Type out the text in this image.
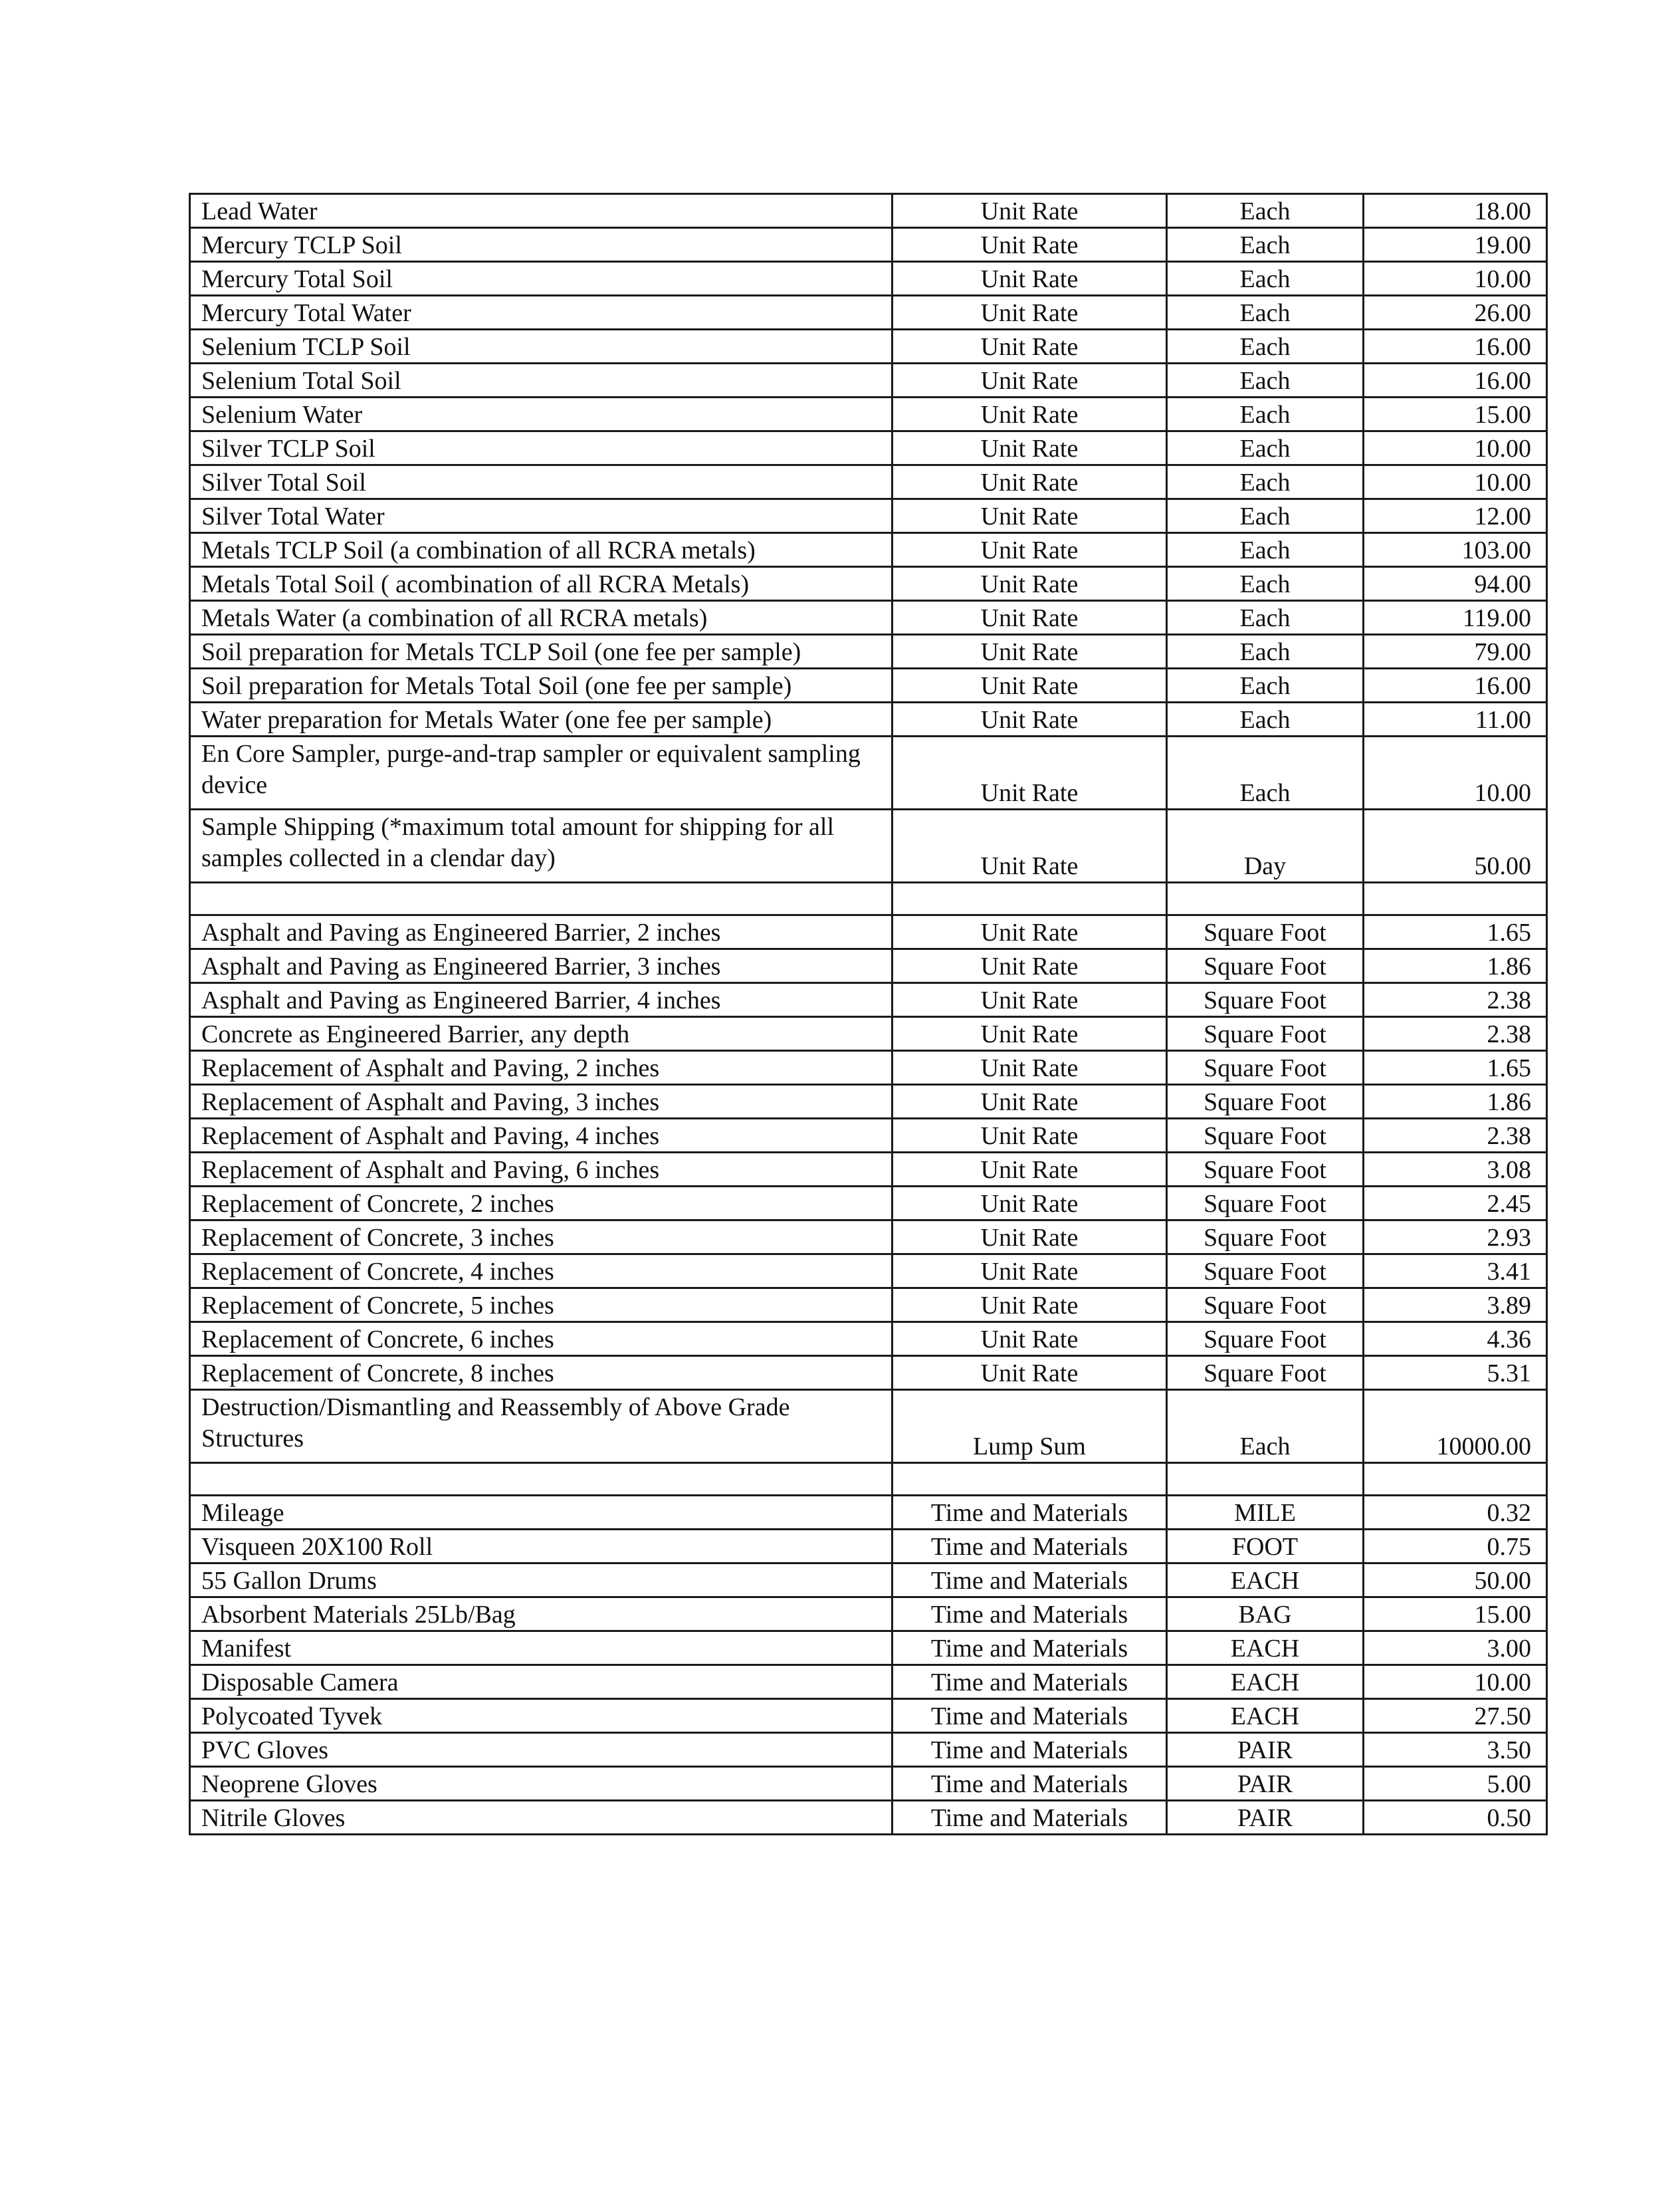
Lead Water	Unit Rate	Each	18.00
Mercury TCLP Soil	Unit Rate	Each	19.00
Mercury Total Soil	Unit Rate	Each	10.00
Mercury Total Water	Unit Rate	Each	26.00
Selenium TCLP Soil	Unit Rate	Each	16.00
Selenium Total Soil	Unit Rate	Each	16.00
Selenium Water	Unit Rate	Each	15.00
Silver TCLP Soil	Unit Rate	Each	10.00
Silver Total Soil	Unit Rate	Each	10.00
Silver Total Water	Unit Rate	Each	12.00
Metals TCLP Soil (a combination of all RCRA metals)	Unit Rate	Each	103.00
Metals Total Soil ( acombination of all RCRA Metals)	Unit Rate	Each	94.00
Metals Water (a combination of all RCRA metals)	Unit Rate	Each	119.00
Soil preparation for Metals TCLP Soil (one fee per sample)	Unit Rate	Each	79.00
Soil preparation for Metals Total Soil (one fee per sample)	Unit Rate	Each	16.00
Water preparation for Metals Water (one fee per sample)	Unit Rate	Each	11.00
En Core Sampler, purge-and-trap sampler or equivalent sampling device	Unit Rate	Each	10.00
Sample Shipping (*maximum total amount for shipping for all samples collected in a clendar day)	Unit Rate	Day	50.00

Asphalt and Paving as Engineered Barrier, 2 inches	Unit Rate	Square Foot	1.65
Asphalt and Paving as Engineered Barrier, 3 inches	Unit Rate	Square Foot	1.86
Asphalt and Paving as Engineered Barrier, 4 inches	Unit Rate	Square Foot	2.38
Concrete as Engineered Barrier, any depth	Unit Rate	Square Foot	2.38
Replacement of Asphalt and Paving, 2 inches	Unit Rate	Square Foot	1.65
Replacement of Asphalt and Paving, 3 inches	Unit Rate	Square Foot	1.86
Replacement of Asphalt and Paving, 4 inches	Unit Rate	Square Foot	2.38
Replacement of Asphalt and Paving, 6 inches	Unit Rate	Square Foot	3.08
Replacement of Concrete, 2 inches	Unit Rate	Square Foot	2.45
Replacement of Concrete, 3 inches	Unit Rate	Square Foot	2.93
Replacement of Concrete, 4 inches	Unit Rate	Square Foot	3.41
Replacement of Concrete, 5 inches	Unit Rate	Square Foot	3.89
Replacement of Concrete, 6 inches	Unit Rate	Square Foot	4.36
Replacement of Concrete, 8 inches	Unit Rate	Square Foot	5.31
Destruction/Dismantling and Reassembly of Above Grade Structures	Lump Sum	Each	10000.00

Mileage	Time and Materials	MILE	0.32
Visqueen 20X100 Roll	Time and Materials	FOOT	0.75
55 Gallon Drums	Time and Materials	EACH	50.00
Absorbent Materials 25Lb/Bag	Time and Materials	BAG	15.00
Manifest	Time and Materials	EACH	3.00
Disposable Camera	Time and Materials	EACH	10.00
Polycoated Tyvek	Time and Materials	EACH	27.50
PVC Gloves	Time and Materials	PAIR	3.50
Neoprene Gloves	Time and Materials	PAIR	5.00
Nitrile Gloves	Time and Materials	PAIR	0.50
